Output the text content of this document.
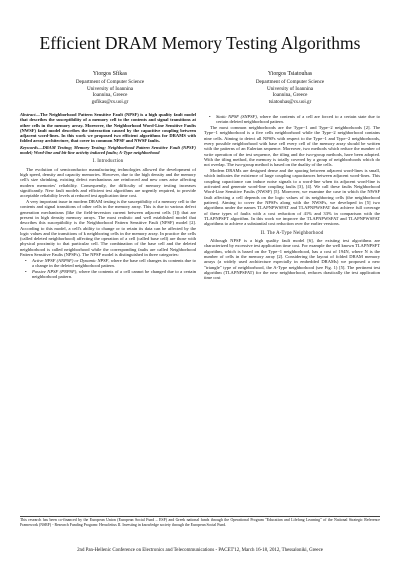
Efficient DRAM Memory Testing Algorithms
Yiorgos Sfikas
Department of Computer Science
University of Ioannina
Ioannina, Greece
gsfikas@cs.uoi.gr
Yiorgos Tsiatouhas
Department of Computer Science
University of Ioannina
Ioannina, Greece
tsiatouhas@cs.uoi.gr

Abstract—The Neighborhood Pattern Sensitive Fault (NPSF) is a high quality fault model that describes the susceptibility of a memory cell to the contents and signal transitions at other cells in the memory array. Moreover, the Neighborhood Word-Line Sensitive Faults (NWSF) fault model describes the interaction caused by the capacitive coupling between adjacent word-lines. In this work we proposed two efficient algorithms for DRAMS with folded array architecture, that cover in common NPSF and NWSF faults.

Keywords—DRAM Testing; Memory Testing; Neighborhood Pattern Sensitive Fault (NPSF) model; Word-line and bit-line activity induced faults; A-Type neighborhood

I. Introduction

The evolution of semiconductor manufacturing technologies allowed the development of high speed, density and capacity memories. However, due to the high density and the memory cell's size shrinking, existing defect mechanisms are reinforced and new ones arise affecting modern memories' reliability. Consequently, the difficulty of memory testing increases significantly. New fault models and efficient test algorithms are urgently required, to provide acceptable reliability levels at reduced test application time cost.

A very important issue in modern DRAM testing is the susceptibility of a memory cell to the contents and signal transitions of other cells in the memory array. This is due to various defect generation mechanisms (like the field-inversion current between adjacent cells [1]) that are present in high density memory arrays. The most realistic and well established model that describes this susceptibility is the Neighborhood Pattern Sensitive Fault (NPSF) model [2]. According to this model, a cell's ability to change or to retain its data can be affected by the logic values and the transitions of k neighboring cells in the memory array. In practice the cells (called deleted neighborhood) affecting the operation of a cell (called base cell) are those with physical proximity to that particular cell. The combination of the base cell and the deleted neighborhood is called neighborhood while the corresponding faults are called Neighborhood Pattern Sensitive Faults (NPSFs). The NPSF model is distinguished in three categories:

• Active NPSF (ANPSF) or Dynamic NPSF, where the base cell changes its contents due to a change in the deleted neighborhood pattern.
• Passive NPSF (PNPSF), where the contents of a cell cannot be changed due to a certain neighborhood pattern.
• Static NPSF (SNPSF), where the contents of a cell are forced to a certain state due to certain deleted neighborhood pattern.

The most common neighborhoods are the Type−1 and Type−2 neighborhoods [2]. The Type−1 neighborhood is a five cells neighborhood while the Type−2 neighborhood contains nine cells. Aiming to detect all NPSFs with respect to the Type−1 and Type−2 neighborhoods, every possible neighborhood with base cell every cell of the memory array should be written with the patterns of an Eulerian sequence. Moreover, two methods which reduce the number of write operation of the test sequence, the tiling and the two-group methods, have been adopted. With the tiling method, the memory is totally covered by a group of neighborhoods which do not overlap. The two-group method is based on the duality of the cells.

Modern DRAMs are designed dense and the spacing between adjacent word-lines is small, which indicates the existence of large coupling capacitances between adjacent word-lines. This coupling capacitance can induce noise signals to a word-line when its adjacent word-line is activated and generate word-line coupling faults [3], [4]. We call these faults Neighborhood Word-Line Sensitive Faults (NWSF) [5]. Moreover, we examine the case in which the NWSF fault affecting a cell depends on the logic values of its neighboring cells (the neighborhood pattern). Aiming to cover the NPSFs along with the NWSFs, we developed in [5] two algorithms under the names TLAPNPWSFAT and TLAPNPWSFAT that achieve full coverage of these types of faults with a cost reduction of 41% and 33% in comparison with the TLAPNPSFT algorithm. In this work we improve the TLAPNPWSFAT and TLAPNPWSFAT algorithms to achieve a substantial cost reduction over the earlier versions.

II. The A-Type Neighborhood

Although NPSF is a high quality fault model [6], the existing test algorithms are characterized by excessive test application time cost. For example the well known TLAPNPSFT algorithm, which is based on the Type−1 neighborhood, has a cost of 194N, where N is the number of cells in the memory array [2]. Considering the layout of folded DRAM memory arrays (a widely used architecture especially in embedded DRAMs) we proposed a new "triangle" type of neighborhood, the A-Type neighborhood (see Fig. 1) [5]. The pertinent test algorithm (TLAPNPSFAT) for the new neighborhood, reduces drastically the test application time cost

This research has been co-financed by the European Union (European Social Fund – ESF) and Greek national funds through the Operational Program "Education and Lifelong Learning" of the National Strategic Reference Framework (NSRF) - Research Funding Program: Heracleitus II. Investing in knowledge society through the European Social Fund.
2nd Pan-Hellenic Conference on Electronics and Telecommunications - PACET'12, March 16-18, 2012, Thessaloniki, Greece
